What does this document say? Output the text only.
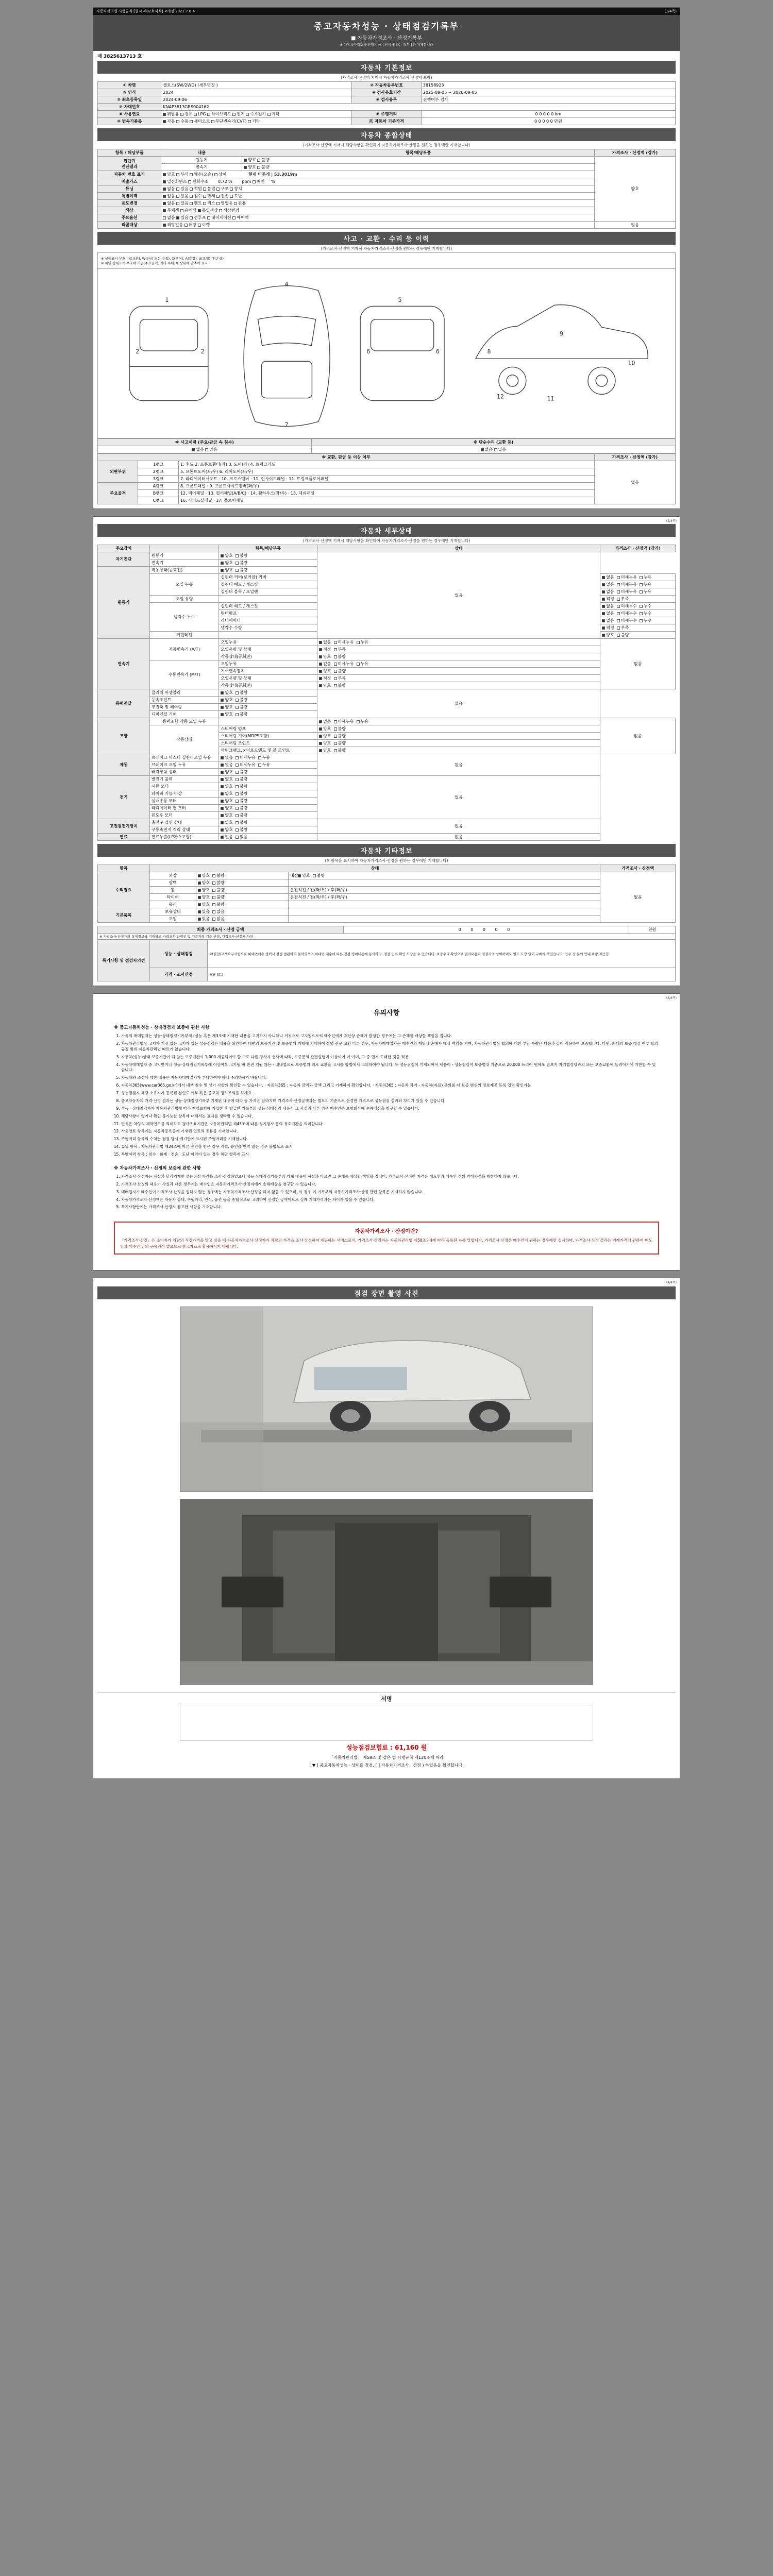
자동차관리법 시행규칙 [별지 제82호서식] <개정 2021.7.6.>	(1/4쪽)
중고자동차성능 · 상태점검기록부
■ 자동차가격조사 · 산정기록부
※ 자동차가격조사·산정은 매수인이 원하는 경우에만 기재합니다
제 3825613713 호
자동차 기본정보
(가격조사·산정액 기재시 자동차가격조사·산정액 포함)
① 차명	셀토스(SW/2WD) (세부명칭 )	② 자동차등록번호	38158923
③ 연식	2024	④ 검사유효기간	2025-09-05 ~ 2026-09-05
⑤ 최초등록일	2024-09-06	⑥ 검사유무	진행여부 검사
⑦ 차대번호	KNAP3813GRS004162		
⑧ 사용연료	휘발유 경유 LPG 하이브리드 전기 수소전기 기타	⑨ 주행거리	0 0 0 0 0 km
⑩ 변속기종류	자동 수동 세미오토 무단변속기(CVT) 기타	⑪ 자동차 기준가격	0 0 0 0 0 만원
자동차 종합상태
(가격조사·산정액 기재시 해당사항을 확인하여 자동차가격조사·산정을 원하는 경우에만 기재합니다)
항목 / 해당부품	내용	항목/해당부품	가격조사 · 산정액 (감가)
진단기
진단결과	원동기	양호 불량	양호
	변속기	양호 불량	
자동차 번호 표기	양호 부식 훼손(오손) 상이 현재 미주게 | 53,3019m		
배출가스	일산화탄소 탄화수소 0.72 % ppm 매연 %		
튜닝	없음 있음 적법 불법 구조 장치		
특별이력	없음 있음 침수 화재 전손 도난		
용도변경	없음 있음 렌트 리스 영업용 관용		
색상	무채색 유채색 동일색상 색상변경		
주요옵션	없음 있음 선루프 내비게이션 에어백		
리콜대상	해당없음 해당 이행		없음
사고 · 교환 · 수리 등 이력
(가격조사·산정액 기재시 자동차가격조사·산정을 원하는 경우에만 기재합니다)
※ 상태표시 부호 : X(교환), W(판금 또는 용접), C(부식), A(흠집), U(요철), T(손상)
※ 하단 상태표시 부호에 기준(주요골격, 기타 부위)에 상태에 맞추어 표시
1
2	2
4
7
5
6	6	8
9
10
11
12
※ 사고이력 (주요/판금 속 침수)	※ 단순수리 (교환 등)
없음 있음	없음 있음
※ 교환, 판금 등 이상 여부			가격조사 · 산정액 (감가)
외판부위	1랭크	1. 후드 2. 프론트휀더(좌) 3. 도어(좌) 4. 트렁크리드	없음
	2랭크	5. 프론트도어(좌/우) 6. 리어도어(좌/우)	
	3랭크	7. 라디에이터서포트 · 10. 크로스멤버 · 11. 인사이드패널 · 11. 트렁크플로어패널	
주요골격	A랭크	8. 프론트패널 · 9. 프론트사이드멤버(좌/우)	
	B랭크	12. 리어패널 · 13. 필러패널(A/B/C) · 14. 휠하우스(좌/우) · 15. 대쉬패널	
	C랭크	16. 사이드실패널 · 17. 플로어패널	
(2/4쪽)
자동차 세부상태
(가격조사·산정액 기재시 해당사항을 확인하여 자동차가격조사·산정을 원하는 경우에만 기재합니다)
주요장치		항목/해당부품	상태	가격조사 · 산정액 (감가)
자기진단	원동기	양호  불량	없음	
	변속기	양호  불량		
원동기	작동상태(공회전)	양호  불량		
	오일 누유	실린더 커버(로커암) 커버		없음  미세누유  누유
		실린더 헤드 / 개스킷		없음  미세누유  누유
		실린더 블록 / 오일팬		없음  미세누유  누유
	오일 유량			적정  부족
	냉각수 누수	실린더 헤드 / 개스킷		없음  미세누수  누수
		워터펌프		없음  미세누수  누수
		라디에이터		없음  미세누수  누수
		냉각수 수량		적정  부족
	커먼레일			양호  불량
변속기	자동변속기 (A/T)	오일누유	없음  미세누유  누유	없음
		오일유량 및 상태	적정  부족	
		작동상태(공회전)	양호  불량	
	수동변속기 (M/T)	오일누유	없음  미세누유  누유	
		기어변속장치	양호  불량	
		오일유량 및 상태	적정  부족	
		작동상태(공회전)	양호  불량	
동력전달	클러치 어셈블리	양호  불량	없음	
	등속조인트	양호  불량		
	추진축 및 베어링	양호  불량		
	디퍼렌셜 기어	양호  불량		
조향	동력조향 작동 오일 누유		없음  미세누유  누유	없음
	작동상태	스티어링 펌프	양호  불량	
		스티어링 기어(MDPS포함)	양호  불량	
		스티어링 조인트	양호  불량	
		파워크랭크,タ이로드엔드 및 볼 조인트	양호  불량	
제동	브레이크 마스터 실린더오일 누유	없음  미세누유  누유	없음	
	브레이크 오일 누유	없음  미세누유  누유		
	배력장치 상태	양호  불량		
전기	발전기 출력	양호  불량	없음	
	시동 모터	양호  불량		
	와이퍼 기능 이상	양호  불량		
	실내송풍 모터	양호  불량		
	라디에이터 팬 모터	양호  불량		
	윈도우 모터	양호  불량		
고전원전기장치	충전구 절연 상태	양호  불량	없음	
	구동축전지 격리 상태	양호  불량		
연료	연료누출(LP가스포함)	없음  있음	없음	
자동차 기타정보
(※ 항목을 표시하여 자동차가격조사·산정을 원하는 경우에만 기재합니다)
항목	상태			가격조사 · 산정액
수리필요	외장	양호  불량	내장 양호  불량	없음
	광택	양호  불량		
	휠	양호  불량	운전석전 / 전(좌/우) / 후(좌/우)	
	타이어	양호  불량	운전석전 / 전(좌/우) / 후(좌/우)	
	유리	양호  불량		
기본품목	보유상태	있음  없음		
	오일	있음  없음		
최종 가격조사 · 산정 금액	0 0 0 0 0	천원
※ 가격조사·산정자의 실제정보를 기재하고 가격조사 산정인 및 기준가격 기준 산정, 가격조사·산정자 사항
특기사항 및 점검자의견	성능 · 상태점검	※(별첨)고객요구사항으로 비대면배송 선택시 점검 참관하지 못하였으며 비대면 배송에 따른 정검·정비내용에 동의하고, 점검 인수 확인 도장을 수 있습니다. 보증수리 확인으로 결과내용과 점검자의 상이하여도 별도 도장 없이 구매에 하였습니다. 인수 전 문의 안내 차량 제공함
	가격 · 조사산정	해당 없음
(3/4쪽)
유의사항
※ 중고자동차성능 · 상태점검과 보증에 관한 사항
1. 가족의 매매업자는 성능·상태점검기록부의 (성능 혹은 제3조에 기재한 내용을 고지하지 아니하나 거짓으로 고지될으로써 매수인에게 재산상 손해가 발생한 경우에는 그 손해를 배상할 책임을 집니다.
2. 자동차관리법상 고지가 거짓 없는 고지가 있는 성능점검은 내용을 확인하여 대변의 보증기간 및 보증범위 기재에 기재하여 설명 전문·교환 다른 경우, 자동차매매업자는 매수인의 책임상 손해가 배상 책임을 지며, 자동차관리법상 합의에 대한 부담 수량은 다음과 같이 적용하여 보증합니다. 다만, 최대의 보증 대상 여부 합의 규정 범위 자동차관리법 따르기 않습니다.
3. 자동차(성능)상태 보증기간이 되 않는 보증기간이 1,000 제공되어야 할 수도 다른 당사자 선택에 따라, 보증문의 간편실행에 이상이어 여 야며, 그 중 먼저 도래한 것을 적용
4. 자동차매매업자 중 고지받거나 성능·상태점검기록부에 이상여부 고지될 바 완전 지원 않는 - 내내업으로 보증범위 외로 교환을 고시를 합법에서 고의하여야 됩니다. 등 성능점검이 기재되어서 제품이 - 성능점검이 보증범위 기준으로 20,000 트리어 원에도 발보지 자기법정당과의 또는 보증교환에 들려이기에 기한할 수 있습니다.
5. 자동차와 조정에 대한 내용은 자동차대매업자가 부담하여야 하니 주의하시기 바랍니다.
6. 자동차365(www.car365.go.kr)에서 내부 침수 및 상기 사항의 확인할 수 있습니다. · 자동차365 : 자동차 금액과 금액 그리고 기재하여 확인합니다. · 자동차365 : 자동차 과거 - 자동차(자료) 문의를 다 보증 범위의 정보제공 등록 입력 확인가능
7. 성능점검시 해당 소유자가 등록된 본인도 여부 혹은 중고차 정보조회를 하세요.
8. 중고자동차의 가격·산정 결과는 성능·상태점검기록부 기재된 내용에 따라 동 가격은 달라지며 가격조사·산정금액과는 별도의 기준으로 산정한 가격으로 성능점검 결과와 차이가 있을 수 있습니다.
9. 성능 · 상태점검자가 자동차관리법에 따라 책임보험에 가입한 후 발급한 기록부의 성능·상태점검 내용이 그 사실과 다른 경우 매수인은 보험회사에 손해배상을 청구할 수 있습니다.
10. 해당사항이 없거나 확인 불가능한 항목에 대해서는 표시를 생략할 수 있습니다.
11. 연식은 차량의 제작연도를 의미하고 검사유효기간은 자동차관리법 제43조에 따른 정기검사 등의 유효기간을 의미합니다.
12. 사용연료 항목에는 자동차등록증에 기재된 연료의 종류를 기재합니다.
13. 주행거리 항목의 수치는 점검 당시 계기판에 표시된 주행거리를 기재합니다.
14. 튜닝 항목 : 자동차관리법 제34조에 따른 승인을 받은 경우 적법, 승인을 받지 않은 경우 불법으로 표시
15. 특별이력 항목 : 침수 · 화재 · 전손 · 도난 이력이 있는 경우 해당 항목에 표시
※ 자동차가격조사 · 산정의 보증에 관한 사항
1. 가격조사·산정자는 사실과 달리기재한 성능점검 가격을 조사·산정하였으나 성능·상태점검기록부의 기재 내용이 사실과 다르면 그 손해를 배상할 책임을 집니다. 가격조사·산정한 가격은 매도인과 매수인 간의 거래가격을 제한하지 않습니다.
2. 가격조사·산정의 내용이 사실과 다른 경우에는 매수인은 자동차가격조사·산정자에게 손해배상을 청구할 수 있습니다.
3. 매매업자가 매수인이 가격조사·산정을 원하지 않는 경우에는 자동차가격조사·산정을 하지 않을 수 있으며, 이 경우 이 기록부의 자동차가격조사·산정 관련 항목은 기재하지 않습니다.
4. 자동차가격조사·산정액은 자동차 상태, 주행거리, 연식, 옵션 등을 종합적으로 고려하여 산정한 금액이므로 실제 거래가격과는 차이가 있을 수 있습니다.
5. 특기사항란에는 가격조사·산정시 참고한 사항을 기재합니다.
자동차가격조사 · 산정이란?
「가격조사·산정」은 소비자가 차량의 적정가격을 알고 싶을 때 자동차가격조사·산정자가 차량의 가격을 조사·산정하여 제공하는 서비스로서, 가격조사·산정자는 자동차관리법 제58조의4에 따라 등록된 자를 말합니다. 가격조사·산정은 매수인이 원하는 경우에만 실시하며, 가격조사·산정 결과는 거래가격에 관하여 매도인과 매수인 간의 구속력이 없으므로 참고자료로 활용하시기 바랍니다.
(4/4쪽)
점검 장면 촬영 사진
서명
성능점검보험료 : 61,160 원
「자동차관리법」 제58조 및 같은 법 시행규칙 제120조에 따라
[ ▼ ] 중고자동차성능 · 상태를 점검, [ ] 자동차가격조사 · 산정 ) 하였음을 확인합니다.
